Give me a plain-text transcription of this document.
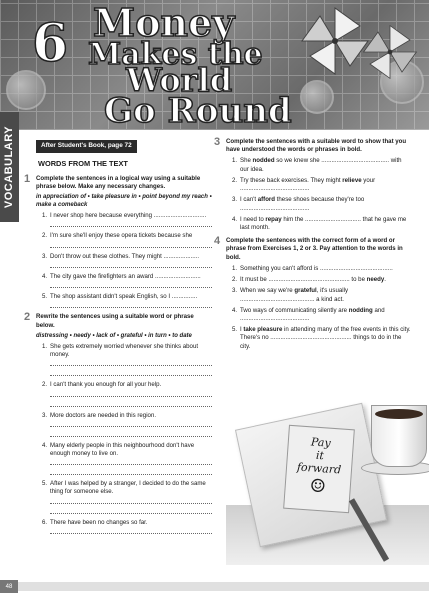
6 Money
Makes the
World
Go Round
VOCABULARY	After Student's Book, page 72
WORDS FROM THE TEXT
1 Complete the sentences in a logical way using a suitable phrase below. Make any necessary changes.
in appreciation of • take pleasure in • point beyond my reach • make a comeback
1. I never shop here because everything ...............................
2. I'm sure she'll enjoy these opera tickets because she
3. Don't throw out these clothes. They might .....................
4. The city gave the firefighters an award ...........................
5. The shop assistant didn't speak English, so I ...............
2 Rewrite the sentences using a suitable word or phrase below.
distressing • needy • lack of • grateful • in turn • to date
1. She gets extremely worried whenever she thinks about money.
2. I can't thank you enough for all your help.
3. More doctors are needed in this region.
4. Many elderly people in this neighbourhood don't have enough money to live on.
5. After I was helped by a stranger, I decided to do the same thing for someone else.
6. There have been no changes so far.
3 Complete the sentences with a suitable word to show that you have understood the words or phrases in bold.
1. She nodded so we knew she ........................................ with our idea.
2. Try these back exercises. They might relieve your .........................................
3. I can't afford these shoes because they're too .........................................
4. I need to repay him the ................................. that he gave me last month.
4 Complete the sentences with the correct form of a word or phrase from Exercises 1, 2 or 3. Pay attention to the words in bold.
1. Something you can't afford is ...........................................
2. It must be ................................................ to be needy.
3. When we say we're grateful, it's usually ............................................ a kind act.
4. Two ways of communicating silently are nodding and .........................................
5. I take pleasure in attending many of the free events in this city. There's no ................................................ things to do in the city.
Pay
it
forward
☺
48
